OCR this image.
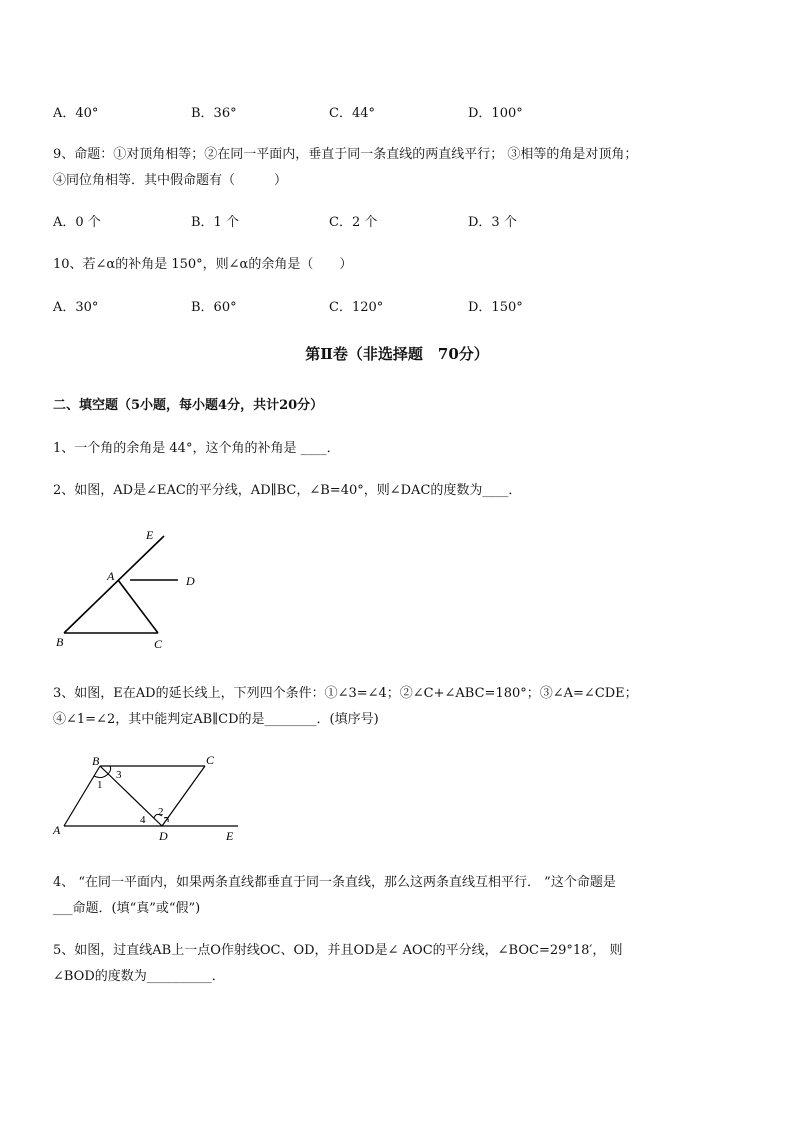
A．40°	B．36°	C．44°	D．100°
9、命题：①对顶角相等；②在同一平面内，垂直于同一条直线的两直线平行； ③相等的角是对顶角；
④同位角相等．其中假命题有（　　　）
A．0 个	B．1 个	C．2 个	D．3 个
10、若∠α的补角是 150°，则∠α的余角是（　　）
A．30°	B．60°	C．120°	D．150°
第Ⅱ卷（非选择题　70分）
二、填空题（5小题，每小题4分，共计20分）
1、一个角的余角是 44°，这个角的补角是 ____．
2、如图，AD是∠EAC的平分线，AD∥BC，∠B=40°，则∠DAC的度数为____．
E
A	D
B	C
3、如图，E在AD的延长线上，下列四个条件：①∠3=∠4；②∠C+∠ABC=180°；③∠A=∠CDE；
④∠1=∠2，其中能判定AB∥CD的是________．(填序号)
B	C
A	D	E
1
3
2
4
4、 “在同一平面内，如果两条直线都垂直于同一条直线，那么这两条直线互相平行． ”这个命题是
___命题．(填“真”或“假”)
5、如图，过直线AB上一点O作射线OC、OD，并且OD是∠ AOC的平分线，∠BOC=29°18′， 则
∠BOD的度数为__________．
